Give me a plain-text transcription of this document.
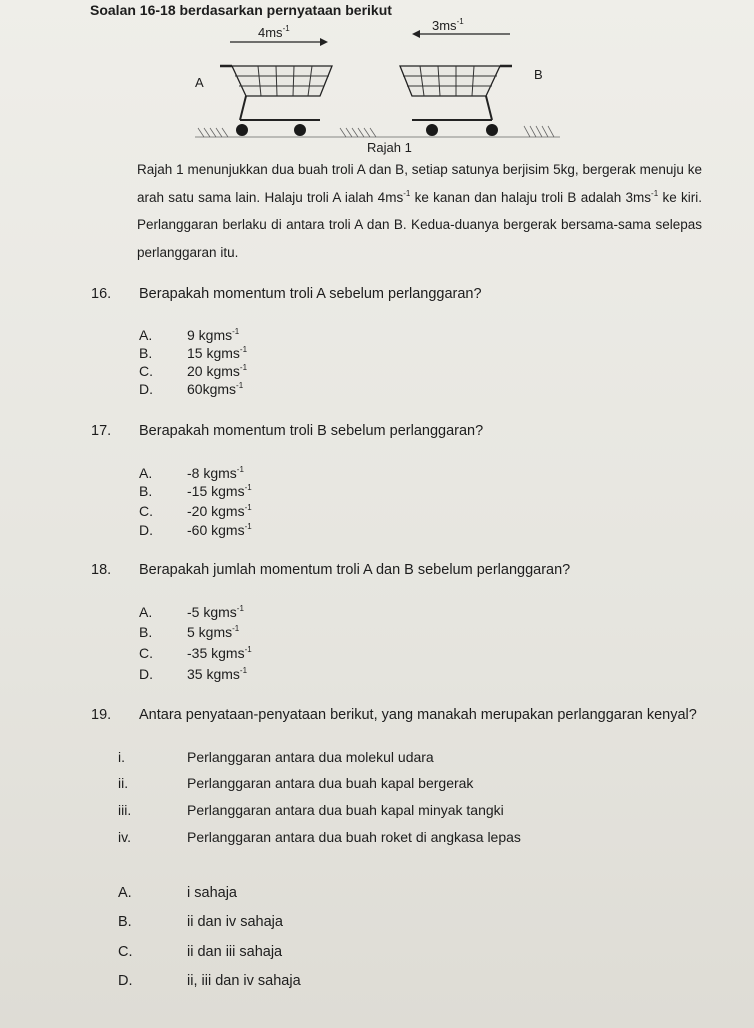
Soalan 16-18 berdasarkan pernyataan berikut
$4ms^{-1}$	$3ms^{-1}$
A
B
Rajah 1
Rajah 1 menunjukkan dua buah troli A dan B, setiap satunya berjisim 5kg, bergerak menuju ke arah satu sama lain. Halaju troli A ialah $4ms^{-1}$ ke kanan dan halaju troli B adalah $3ms^{-1}$ ke kiri. Perlanggaran berlaku di antara troli A dan B. Kedua-duanya bergerak bersama-sama selepas perlanggaran itu.
16. Berapakah momentum troli A sebelum perlanggaran?
A. 9 kgms$^{-1}$
B. 15 kgms$^{-1}$
C. 20 kgms$^{-1}$
D. 60kgms$^{-1}$
17. Berapakah momentum troli B sebelum perlanggaran?
A. -8 kgms$^{-1}$
B. -15 kgms$^{-1}$
C. -20 kgms$^{-1}$
D. -60 kgms$^{-1}$
18. Berapakah jumlah momentum troli A dan B sebelum perlanggaran?
A. -5 kgms$^{-1}$
B. 5 kgms$^{-1}$
C. -35 kgms$^{-1}$
D. 35 kgms$^{-1}$
19. Antara penyataan-penyataan berikut, yang manakah merupakan perlanggaran kenyal?
i.	Perlanggaran antara dua molekul udara
ii.	Perlanggaran antara dua buah kapal bergerak
iii.	Perlanggaran antara dua buah kapal minyak tangki
iv.	Perlanggaran antara dua buah roket di angkasa lepas
A.	i sahaja
B.	ii dan iv sahaja
C.	ii dan iii sahaja
D.	ii, iii dan iv sahaja
